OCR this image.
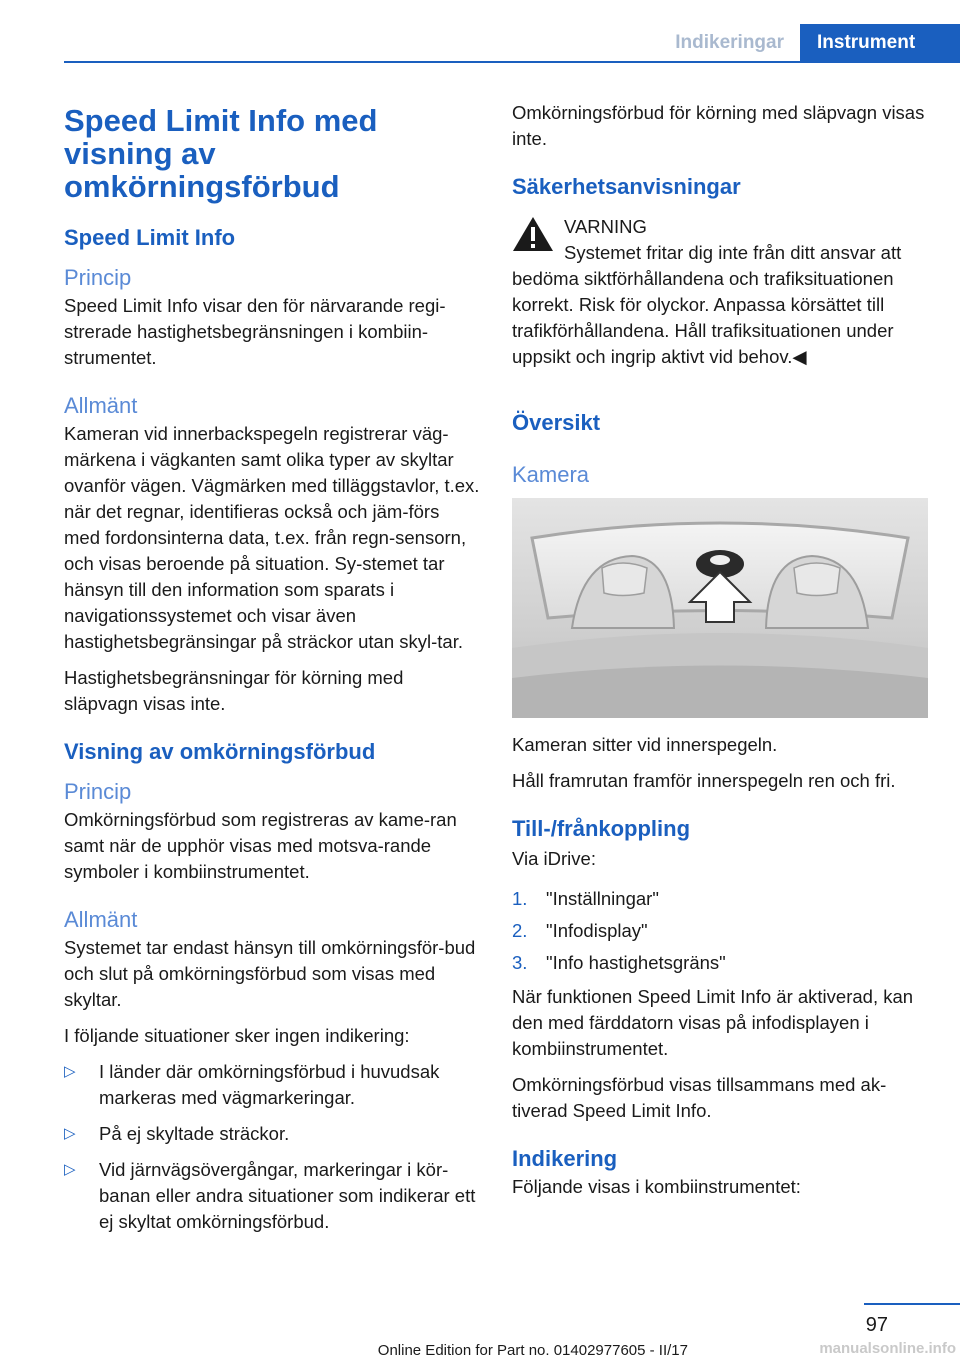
Indikeringar	Instrument
Speed Limit Info med visning av omkörningsförbud
Speed Limit Info
Princip

Speed Limit Info visar den för närvarande regi-strerade hastighetsbegränsningen i kombiin-strumentet.

Allmänt

Kameran vid innerbackspegeln registrerar väg-märkena i vägkanten samt olika typer av skyltar ovanför vägen. Vägmärken med tilläggstavlor, t.ex. när det regnar, identifieras också och jäm-förs med fordonsinterna data, t.ex. från regn-sensorn, och visas beroende på situation. Sy-stemet tar hänsyn till den information som sparats i navigationssystemet och visar även hastighetsbegränsingar på sträckor utan skyl-tar.

Hastighetsbegränsningar för körning med släpvagn visas inte.

Visning av omkörningsförbud
Princip

Omkörningsförbud som registreras av kame-ran samt när de upphör visas med motsva-rande symboler i kombiinstrumentet.

Allmänt

Systemet tar endast hänsyn till omkörningsför-bud och slut på omkörningsförbud som visas med skyltar.

I följande situationer sker ingen indikering:

▷ I länder där omkörningsförbud i huvudsak markeras med vägmarkeringar.
▷ På ej skyltade sträckor.
▷ Vid järnvägsövergångar, markeringar i kör-banan eller andra situationer som indikerar ett ej skyltat omkörningsförbud.

Omkörningsförbud för körning med släpvagn visas inte.

Säkerhetsanvisningar
VARNING
Systemet fritar dig inte från ditt ansvar att bedöma siktförhållandena och trafiksituationen korrekt. Risk för olyckor. Anpassa körsättet till trafikförhållandena. Håll trafiksituationen under uppsikt och ingrip aktivt vid behov.◀
Översikt
Kamera

Kameran sitter vid innerspegeln.

Håll framrutan framför innerspegeln ren och fri.

Till-/frånkoppling

Via iDrive:

1. "Inställningar"
2. "Infodisplay"
3. "Info hastighetsgräns"

När funktionen Speed Limit Info är aktiverad, kan den med färddatorn visas på infodisplayen i kombiinstrumentet.

Omkörningsförbud visas tillsammans med ak-tiverad Speed Limit Info.

Indikering

Följande visas i kombiinstrumentet:

97
Online Edition for Part no. 01402977605 - II/17	manualsonline.info
